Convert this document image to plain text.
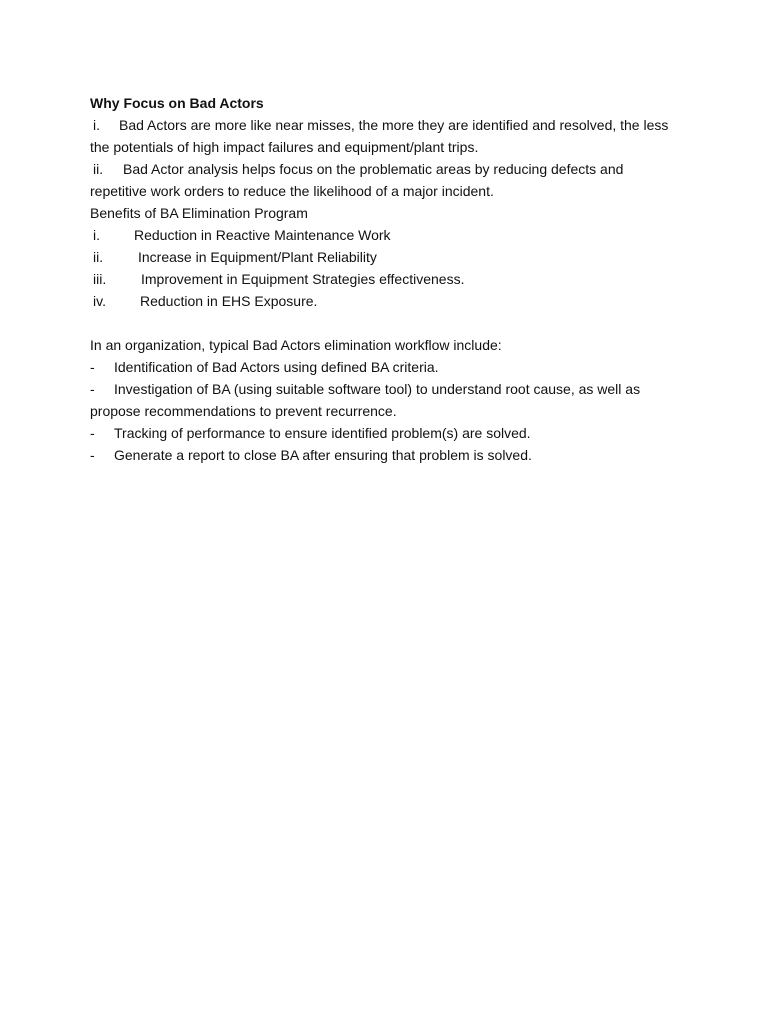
Why Focus on Bad Actors
i. Bad Actors are more like near misses, the more they are identified and resolved, the less the potentials of high impact failures and equipment/plant trips.
ii. Bad Actor analysis helps focus on the problematic areas by reducing defects and repetitive work orders to reduce the likelihood of a major incident.
Benefits of BA Elimination Program
i.	Reduction in Reactive Maintenance Work
ii.	Increase in Equipment/Plant Reliability
iii.	Improvement in Equipment Strategies effectiveness.
iv.	Reduction in EHS Exposure.
In an organization, typical Bad Actors elimination workflow include:
- Identification of Bad Actors using defined BA criteria.
- Investigation of BA (using suitable software tool) to understand root cause, as well as propose recommendations to prevent recurrence.
- Tracking of performance to ensure identified problem(s) are solved.
- Generate a report to close BA after ensuring that problem is solved.
